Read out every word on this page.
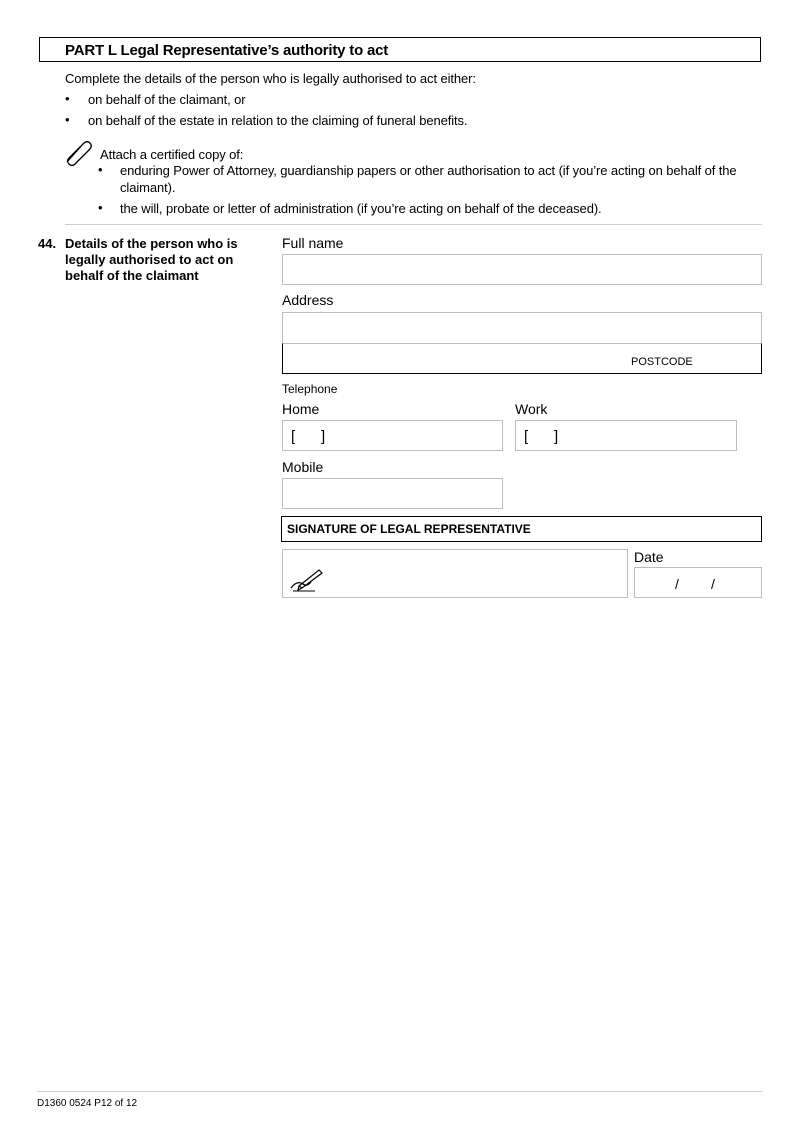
PART L Legal Representative’s authority to act
Complete the details of the person who is legally authorised to act either:
• on behalf of the claimant, or
• on behalf of the estate in relation to the claiming of funeral benefits.
Attach a certified copy of:
• enduring Power of Attorney, guardianship papers or other authorisation to act (if you’re acting on behalf of the
claimant).
• the will, probate or letter of administration (if you’re acting on behalf of the deceased).
44. Details of the person who is
legally authorised to act on
behalf of the claimant
Full name
Address
POSTCODE
Telephone
Home
[ ]
Work
[ ]
Mobile
SIGNATURE OF LEGAL REPRESENTATIVE
Date
/ /
D1360 0524 P12 of 12
